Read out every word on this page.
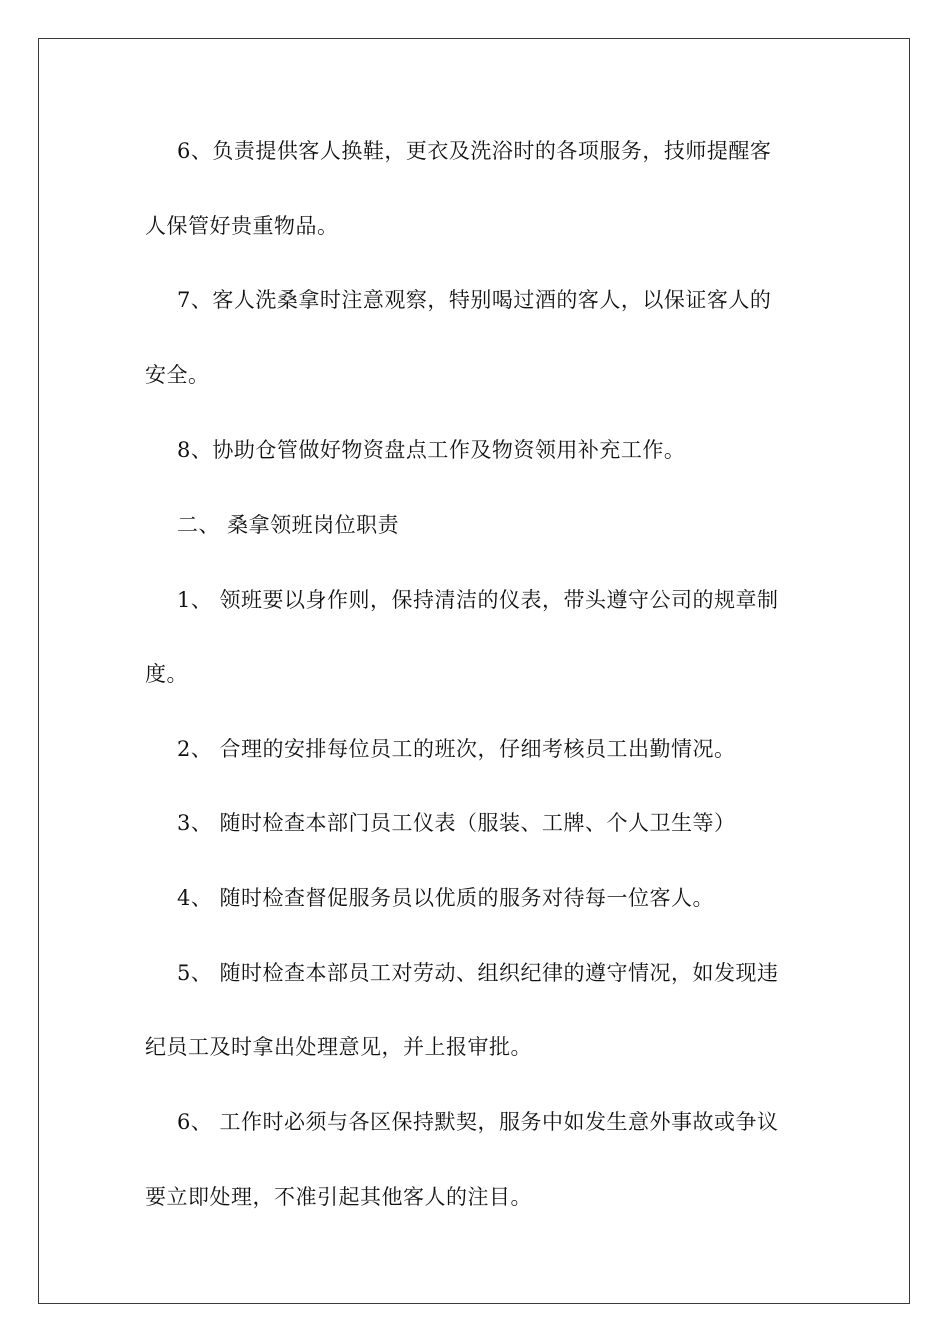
6、负责提供客人换鞋，更衣及洗浴时的各项服务，技师提醒客
人保管好贵重物品。
7、客人洗桑拿时注意观察，特别喝过酒的客人，以保证客人的
安全。
8、协助仓管做好物资盘点工作及物资领用补充工作。
二、 桑拿领班岗位职责
1、 领班要以身作则，保持清洁的仪表，带头遵守公司的规章制
度。
2、 合理的安排每位员工的班次，仔细考核员工出勤情况。
3、 随时检查本部门员工仪表（服装、工牌、个人卫生等）
4、 随时检查督促服务员以优质的服务对待每一位客人。
5、 随时检查本部员工对劳动、组织纪律的遵守情况，如发现违
纪员工及时拿出处理意见，并上报审批。
6、 工作时必须与各区保持默契，服务中如发生意外事故或争议
要立即处理，不准引起其他客人的注目。
